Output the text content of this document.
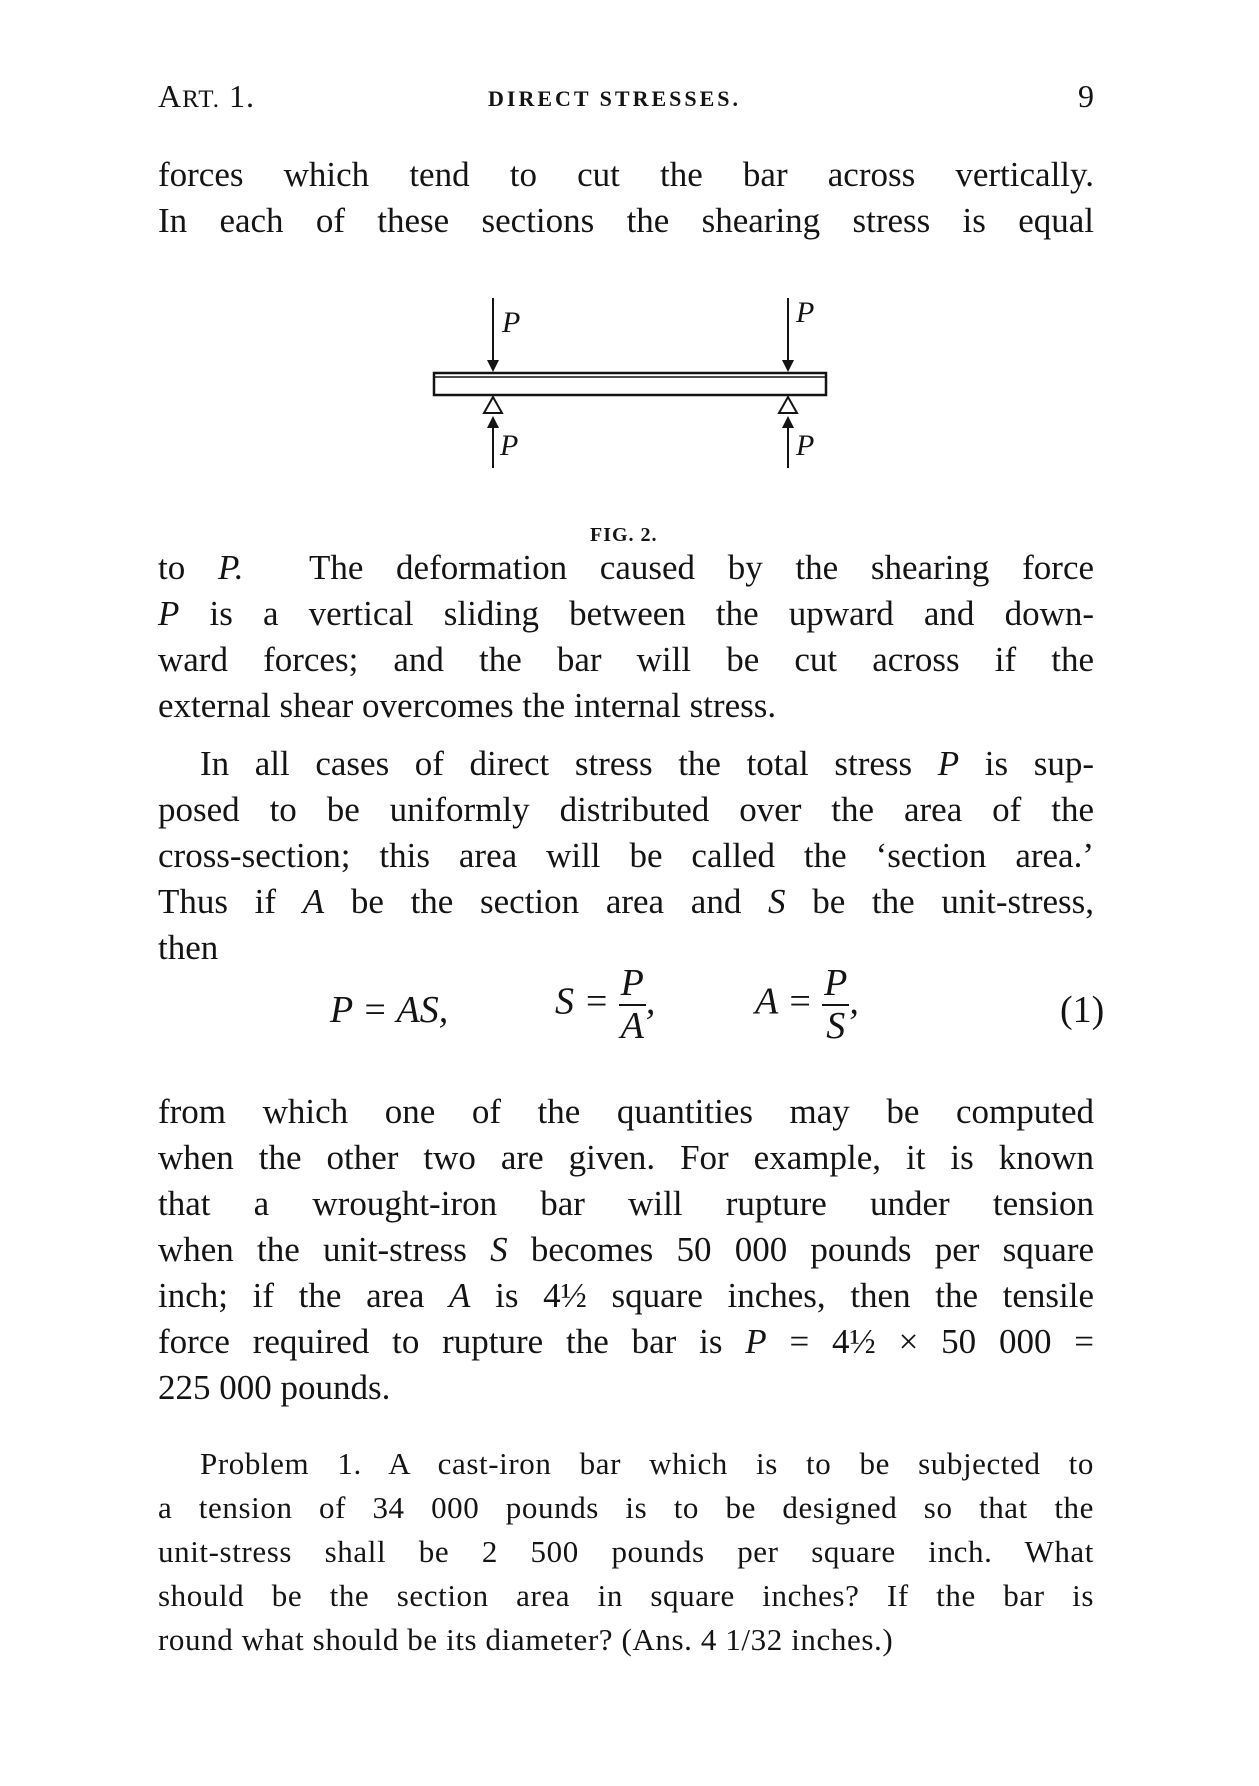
ART. 1.	DIRECT STRESSES.	9
forces which tend to cut the bar across vertically.
In each of these sections the shearing stress is equal
P	P
P	P
FIG. 2.
to P. The deformation caused by the shearing force
P is a vertical sliding between the upward and down-
ward forces; and the bar will be cut across if the
external shear overcomes the internal stress.
In all cases of direct stress the total stress P is sup-
posed to be uniformly distributed over the area of the
cross-section; this area will be called the ‘section area.’
Thus if A be the section area and S be the unit-stress,
then
P = AS,	$S = \frac{P}{A}$ ,	$A = \frac{P}{S}$ ,	(1)
from which one of the quantities may be computed
when the other two are given. For example, it is known
that a wrought-iron bar will rupture under tension
when the unit-stress S becomes 50 000 pounds per square
inch; if the area A is 4½ square inches, then the tensile
force required to rupture the bar is P = 4½ × 50 000 =
225 000 pounds.
Problem 1. A cast-iron bar which is to be subjected to
a tension of 34 000 pounds is to be designed so that the
unit-stress shall be 2 500 pounds per square inch. What
should be the section area in square inches? If the bar is
round what should be its diameter? (Ans. 4 1/32 inches.)
